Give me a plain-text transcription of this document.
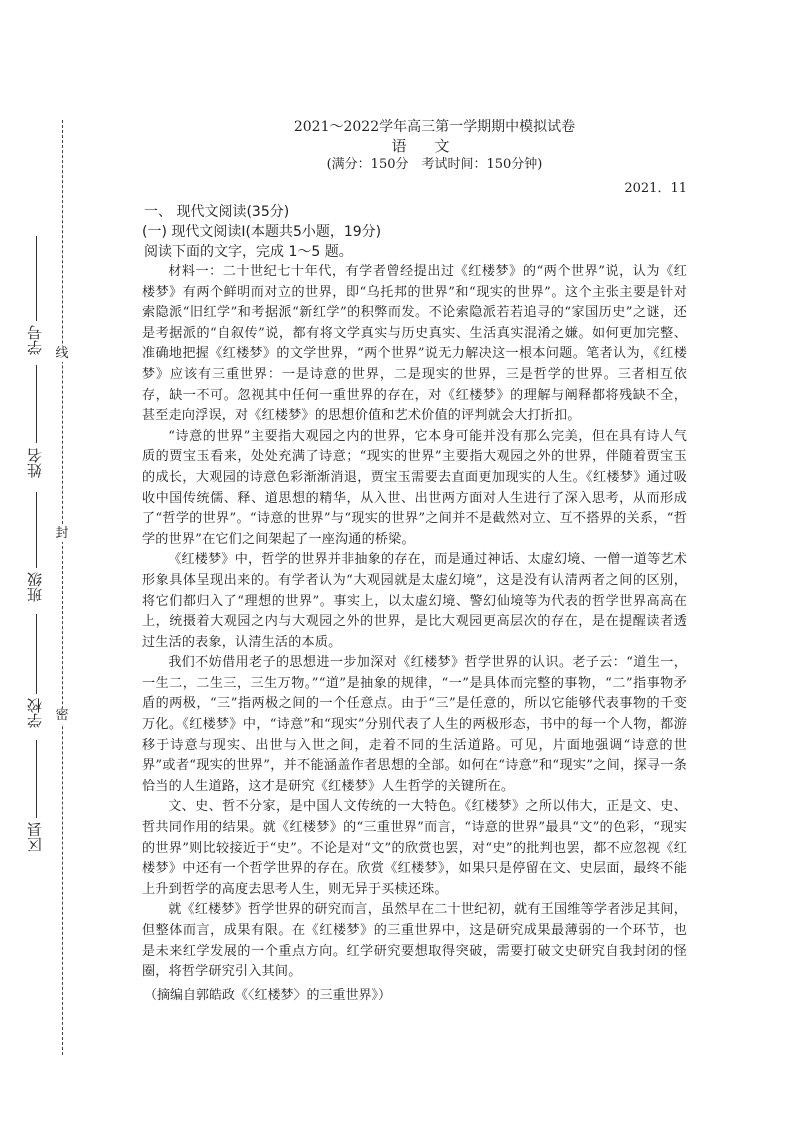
线
封
密
学号
姓名
班级
学校
区县
2021～2022学年高三第一学期期中模拟试卷
语文
(满分：150分　考试时间：150分钟)
2021．11

一、 现代文阅读(35分)

(一) 现代文阅读Ⅰ(本题共5小题，19分)

阅读下面的文字，完成 1～5 题。

材料一：二十世纪七十年代，有学者曾经提出过《红楼梦》的“两个世界”说，认为《红楼梦》有两个鲜明而对立的世界，即“乌托邦的世界”和“现实的世界”。这个主张主要是针对索隐派“旧红学”和考据派“新红学”的积弊而发。不论索隐派若若追寻的“家国历史”之谜，还是考据派的“自叙传”说，都有将文学真实与历史真实、生活真实混淆之嫌。如何更加完整、准确地把握《红楼梦》的文学世界，“两个世界”说无力解决这一根本问题。笔者认为，《红楼梦》应该有三重世界：一是诗意的世界，二是现实的世界，三是哲学的世界。三者相互依存，缺一不可。忽视其中任何一重世界的存在，对《红楼梦》的理解与阐释都将残缺不全，甚至走向浮误，对《红楼梦》的思想价值和艺术价值的评判就会大打折扣。

“诗意的世界”主要指大观园之内的世界，它本身可能并没有那么完美，但在具有诗人气质的贾宝玉看来，处处充满了诗意；“现实的世界”主要指大观园之外的世界，伴随着贾宝玉的成长，大观园的诗意色彩渐渐消退，贾宝玉需要去直面更加现实的人生。《红楼梦》通过吸收中国传统儒、释、道思想的精华，从入世、出世两方面对人生进行了深入思考，从而形成了“哲学的世界”。“诗意的世界”与“现实的世界”之间并不是截然对立、互不搭界的关系，“哲学的世界”在它们之间架起了一座沟通的桥梁。

《红楼梦》中，哲学的世界并非抽象的存在，而是通过神话、太虚幻境、一僧一道等艺术形象具体呈现出来的。有学者认为“大观园就是太虚幻境”，这是没有认清两者之间的区别，将它们都归入了“理想的世界”。事实上，以太虚幻境、警幻仙境等为代表的哲学世界高高在上，统摄着大观园之内与大观园之外的世界，是比大观园更高层次的存在，是在提醒读者透过生活的表象，认清生活的本质。

我们不妨借用老子的思想进一步加深对《红楼梦》哲学世界的认识。老子云：“道生一，一生二，二生三，三生万物。”“道”是抽象的规律，“一”是具体而完整的事物，“二”指事物矛盾的两极，“三”指两极之间的一个任意点。由于“三”是任意的，所以它能够代表事物的千变万化。《红楼梦》中，“诗意”和“现实”分别代表了人生的两极形态，书中的每一个人物，都游移于诗意与现实、出世与入世之间，走着不同的生活道路。可见，片面地强调“诗意的世界”或者“现实的世界”，并不能涵盖作者思想的全部。如何在“诗意”和“现实”之间，探寻一条恰当的人生道路，这才是研究《红楼梦》人生哲学的关键所在。

文、史、哲不分家，是中国人文传统的一大特色。《红楼梦》之所以伟大，正是文、史、哲共同作用的结果。就《红楼梦》的“三重世界”而言，“诗意的世界”最具“文”的色彩，“现实的世界”则比较接近于“史”。不论是对“文”的欣赏也罢，对“史”的批判也罢，都不应忽视《红楼梦》中还有一个哲学世界的存在。欣赏《红楼梦》，如果只是停留在文、史层面，最终不能上升到哲学的高度去思考人生，则无异于买椟还珠。

就《红楼梦》哲学世界的研究而言，虽然早在二十世纪初，就有王国维等学者涉足其间，但整体而言，成果有限。在《红楼梦》的三重世界中，这是研究成果最薄弱的一个环节，也是未来红学发展的一个重点方向。红学研究要想取得突破，需要打破文史研究自我封闭的怪圈，将哲学研究引入其间。

（摘编自郭皓政《〈红楼梦〉的三重世界》）
